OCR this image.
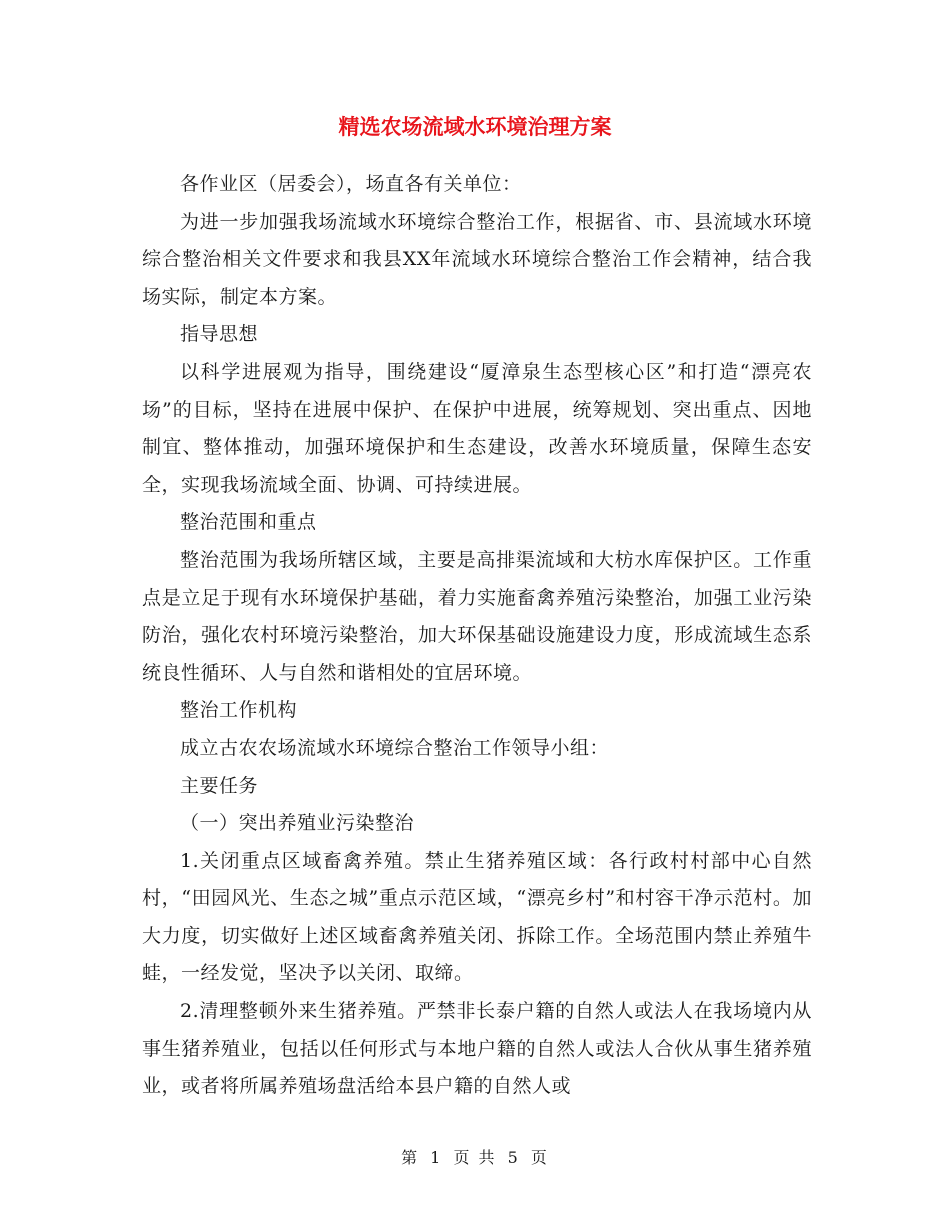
精选农场流域水环境治理方案

各作业区（居委会），场直各有关单位：

为进一步加强我场流域水环境综合整治工作，根据省、市、县流域水环境综合整治相关文件要求和我县XX年流域水环境综合整治工作会精神，结合我场实际，制定本方案。

指导思想

以科学进展观为指导，围绕建设“厦漳泉生态型核心区”和打造“漂亮农场”的目标，坚持在进展中保护、在保护中进展，统筹规划、突出重点、因地制宜、整体推动，加强环境保护和生态建设，改善水环境质量，保障生态安全，实现我场流域全面、协调、可持续进展。

整治范围和重点

整治范围为我场所辖区域，主要是高排渠流域和大枋水库保护区。工作重点是立足于现有水环境保护基础，着力实施畜禽养殖污染整治，加强工业污染防治，强化农村环境污染整治，加大环保基础设施建设力度，形成流域生态系统良性循环、人与自然和谐相处的宜居环境。

整治工作机构

成立古农农场流域水环境综合整治工作领导小组：

主要任务

（一）突出养殖业污染整治

1.关闭重点区域畜禽养殖。禁止生猪养殖区域：各行政村村部中心自然村，“田园风光、生态之城”重点示范区域，“漂亮乡村”和村容干净示范村。加大力度，切实做好上述区域畜禽养殖关闭、拆除工作。全场范围内禁止养殖牛蛙，一经发觉，坚决予以关闭、取缔。

2.清理整顿外来生猪养殖。严禁非长泰户籍的自然人或法人在我场境内从事生猪养殖业，包括以任何形式与本地户籍的自然人或法人合伙从事生猪养殖业，或者将所属养殖场盘活给本县户籍的自然人或

第 1 页 共 5 页
